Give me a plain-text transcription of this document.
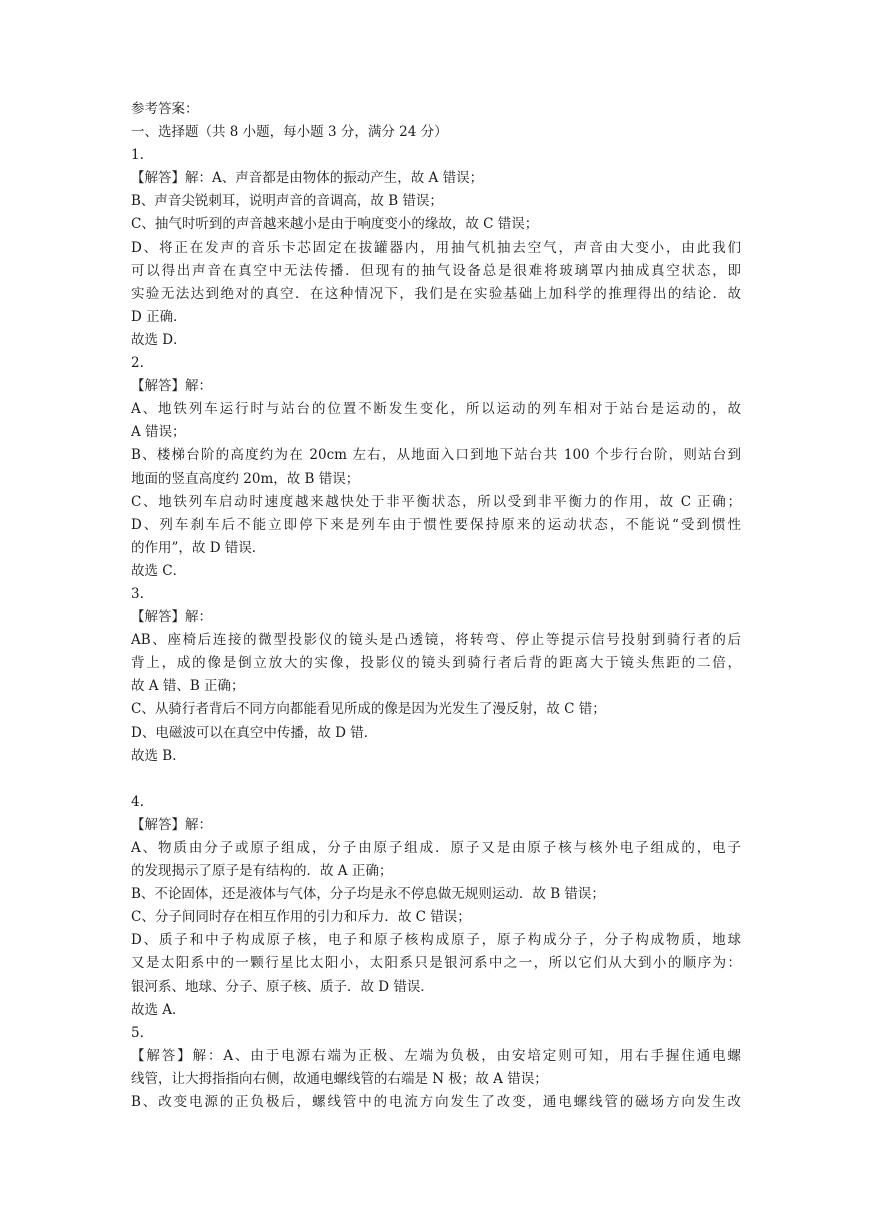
参考答案：
一、选择题（共 8 小题，每小题 3 分，满分 24 分）
1.
【解答】解：A、声音都是由物体的振动产生，故 A 错误；
B、声音尖锐刺耳，说明声音的音调高，故 B 错误；
C、抽气时听到的声音越来越小是由于响度变小的缘故，故 C 错误；
D、将正在发声的音乐卡芯固定在拔罐器内，用抽气机抽去空气，声音由大变小，由此我们
可以得出声音在真空中无法传播．但现有的抽气设备总是很难将玻璃罩内抽成真空状态，即
实验无法达到绝对的真空．在这种情况下，我们是在实验基础上加科学的推理得出的结论．故
D 正确．
故选 D．
2.
【解答】解：
A、地铁列车运行时与站台的位置不断发生变化，所以运动的列车相对于站台是运动的，故
A 错误；
B、楼梯台阶的高度约为在 20cm 左右，从地面入口到地下站台共 100 个步行台阶，则站台到
地面的竖直高度约 20m，故 B 错误；
C、地铁列车启动时速度越来越快处于非平衡状态，所以受到非平衡力的作用，故 C 正确；
D、列车刹车后不能立即停下来是列车由于惯性要保持原来的运动状态，不能说“受到惯性
的作用”，故 D 错误．
故选 C．
3.
【解答】解：
AB、座椅后连接的微型投影仪的镜头是凸透镜，将转弯、停止等提示信号投射到骑行者的后
背上，成的像是倒立放大的实像，投影仪的镜头到骑行者后背的距离大于镜头焦距的二倍，
故 A 错、B 正确；
C、从骑行者背后不同方向都能看见所成的像是因为光发生了漫反射，故 C 错；
D、电磁波可以在真空中传播，故 D 错．
故选 B．
4.
【解答】解：
A、物质由分子或原子组成，分子由原子组成．原子又是由原子核与核外电子组成的，电子
的发现揭示了原子是有结构的．故 A 正确；
B、不论固体，还是液体与气体，分子均是永不停息做无规则运动．故 B 错误；
C、分子间同时存在相互作用的引力和斥力．故 C 错误；
D、质子和中子构成原子核，电子和原子核构成原子，原子构成分子，分子构成物质，地球
又是太阳系中的一颗行星比太阳小，太阳系只是银河系中之一，所以它们从大到小的顺序为：
银河系、地球、分子、原子核、质子．故 D 错误．
故选 A．
5.
【解答】解：A、由于电源右端为正极、左端为负极，由安培定则可知，用右手握住通电螺
线管，让大拇指指向右侧，故通电螺线管的右端是 N 极；故 A 错误；
B、改变电源的正负极后，螺线管中的电流方向发生了改变，通电螺线管的磁场方向发生改
